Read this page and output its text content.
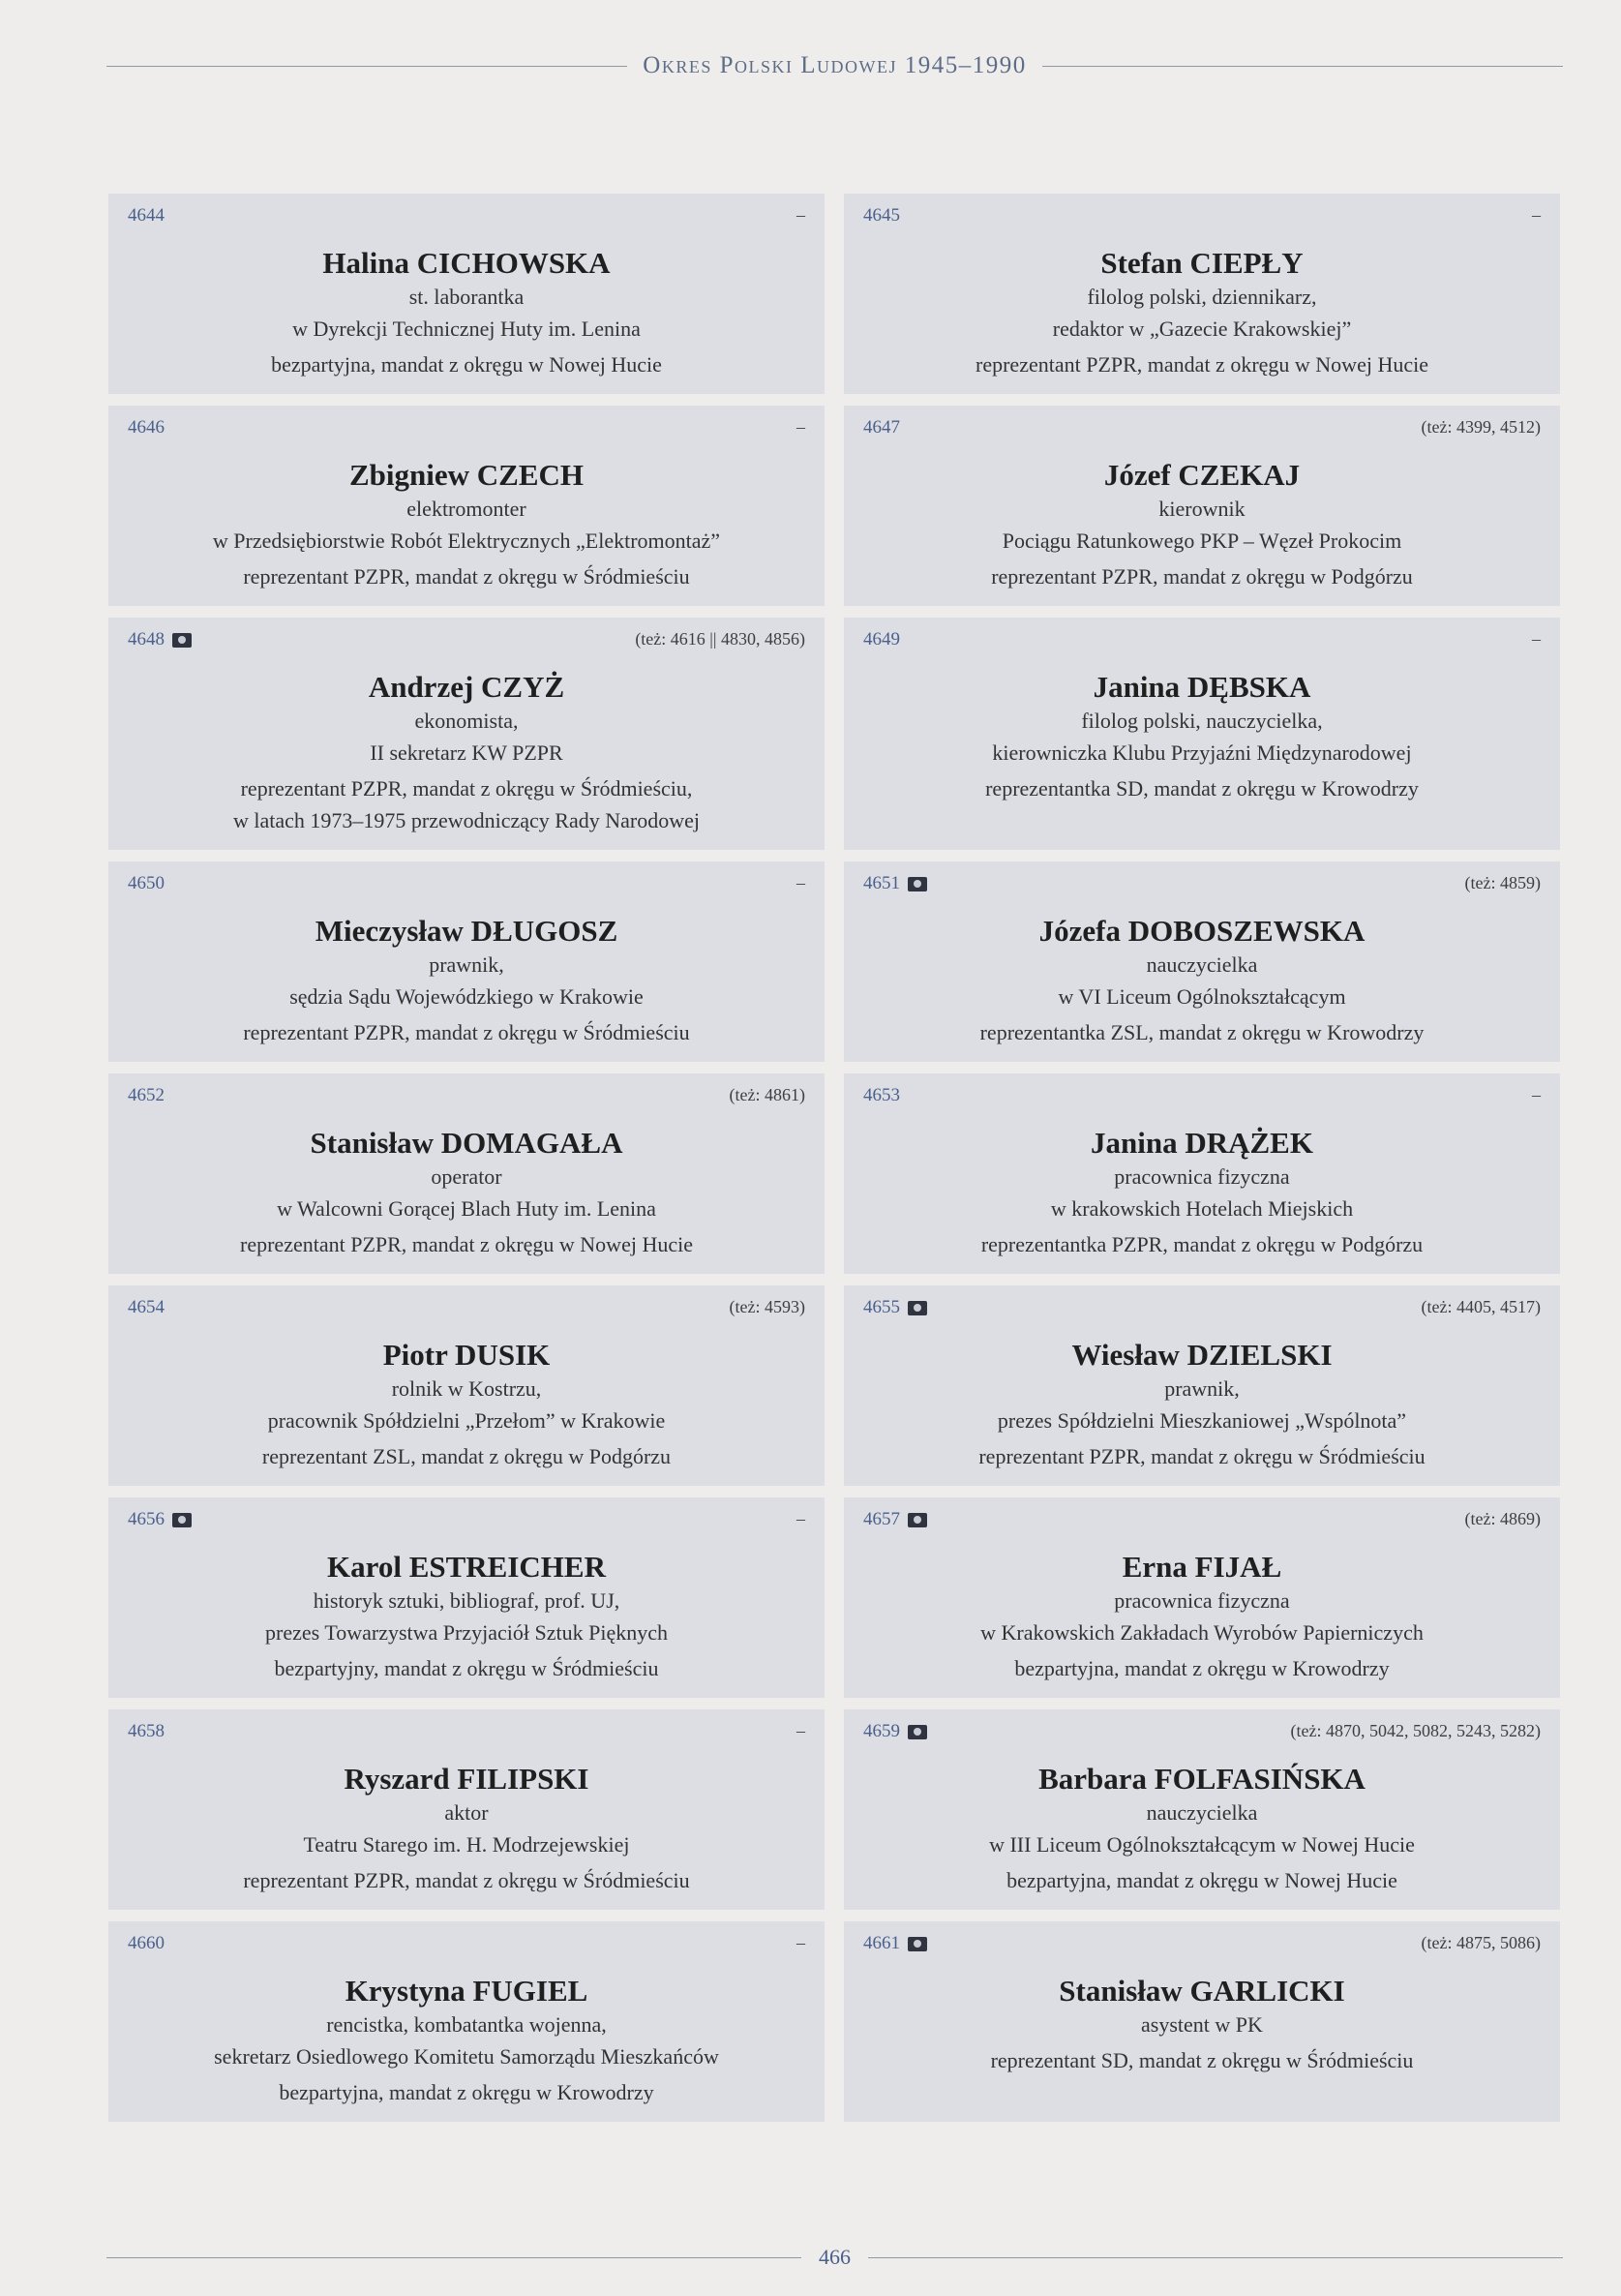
Okres Polski Ludowej 1945–1990
4644	–
Halina CICHOWSKA
st. laborantka
w Dyrekcji Technicznej Huty im. Lenina
bezpartyjna, mandat z okręgu w Nowej Hucie
4645	–
Stefan CIEPŁY
filolog polski, dziennikarz,
redaktor w „Gazecie Krakowskiej”
reprezentant PZPR, mandat z okręgu w Nowej Hucie
4646	–
Zbigniew CZECH
elektromonter
w Przedsiębiorstwie Robót Elektrycznych „Elektromontaż”
reprezentant PZPR, mandat z okręgu w Śródmieściu
4647	(też: 4399, 4512)
Józef CZEKAJ
kierownik
Pociągu Ratunkowego PKP – Węzeł Prokocim
reprezentant PZPR, mandat z okręgu w Podgórzu
4648	(też: 4616 || 4830, 4856)
Andrzej CZYŻ
ekonomista,
II sekretarz KW PZPR
reprezentant PZPR, mandat z okręgu w Śródmieściu,
w latach 1973–1975 przewodniczący Rady Narodowej
4649	–
Janina DĘBSKA
filolog polski, nauczycielka,
kierowniczka Klubu Przyjaźni Międzynarodowej
reprezentantka SD, mandat z okręgu w Krowodrzy
4650	–
Mieczysław DŁUGOSZ
prawnik,
sędzia Sądu Wojewódzkiego w Krakowie
reprezentant PZPR, mandat z okręgu w Śródmieściu
4651	(też: 4859)
Józefa DOBOSZEWSKA
nauczycielka
w VI Liceum Ogólnokształcącym
reprezentantka ZSL, mandat z okręgu w Krowodrzy
4652	(też: 4861)
Stanisław DOMAGAŁA
operator
w Walcowni Gorącej Blach Huty im. Lenina
reprezentant PZPR, mandat z okręgu w Nowej Hucie
4653	–
Janina DRĄŻEK
pracownica fizyczna
w krakowskich Hotelach Miejskich
reprezentantka PZPR, mandat z okręgu w Podgórzu
4654	(też: 4593)
Piotr DUSIK
rolnik w Kostrzu,
pracownik Spółdzielni „Przełom” w Krakowie
reprezentant ZSL, mandat z okręgu w Podgórzu
4655	(też: 4405, 4517)
Wiesław DZIELSKI
prawnik,
prezes Spółdzielni Mieszkaniowej „Wspólnota”
reprezentant PZPR, mandat z okręgu w Śródmieściu
4656	–
Karol ESTREICHER
historyk sztuki, bibliograf, prof. UJ,
prezes Towarzystwa Przyjaciół Sztuk Pięknych
bezpartyjny, mandat z okręgu w Śródmieściu
4657	(też: 4869)
Erna FIJAŁ
pracownica fizyczna
w Krakowskich Zakładach Wyrobów Papierniczych
bezpartyjna, mandat z okręgu w Krowodrzy
4658	–
Ryszard FILIPSKI
aktor
Teatru Starego im. H. Modrzejewskiej
reprezentant PZPR, mandat z okręgu w Śródmieściu
4659	(też: 4870, 5042, 5082, 5243, 5282)
Barbara FOLFASIŃSKA
nauczycielka
w III Liceum Ogólnokształcącym w Nowej Hucie
bezpartyjna, mandat z okręgu w Nowej Hucie
4660	–
Krystyna FUGIEL
rencistka, kombatantka wojenna,
sekretarz Osiedlowego Komitetu Samorządu Mieszkańców
bezpartyjna, mandat z okręgu w Krowodrzy
4661	(też: 4875, 5086)
Stanisław GARLICKI
asystent w PK
reprezentant SD, mandat z okręgu w Śródmieściu
466
